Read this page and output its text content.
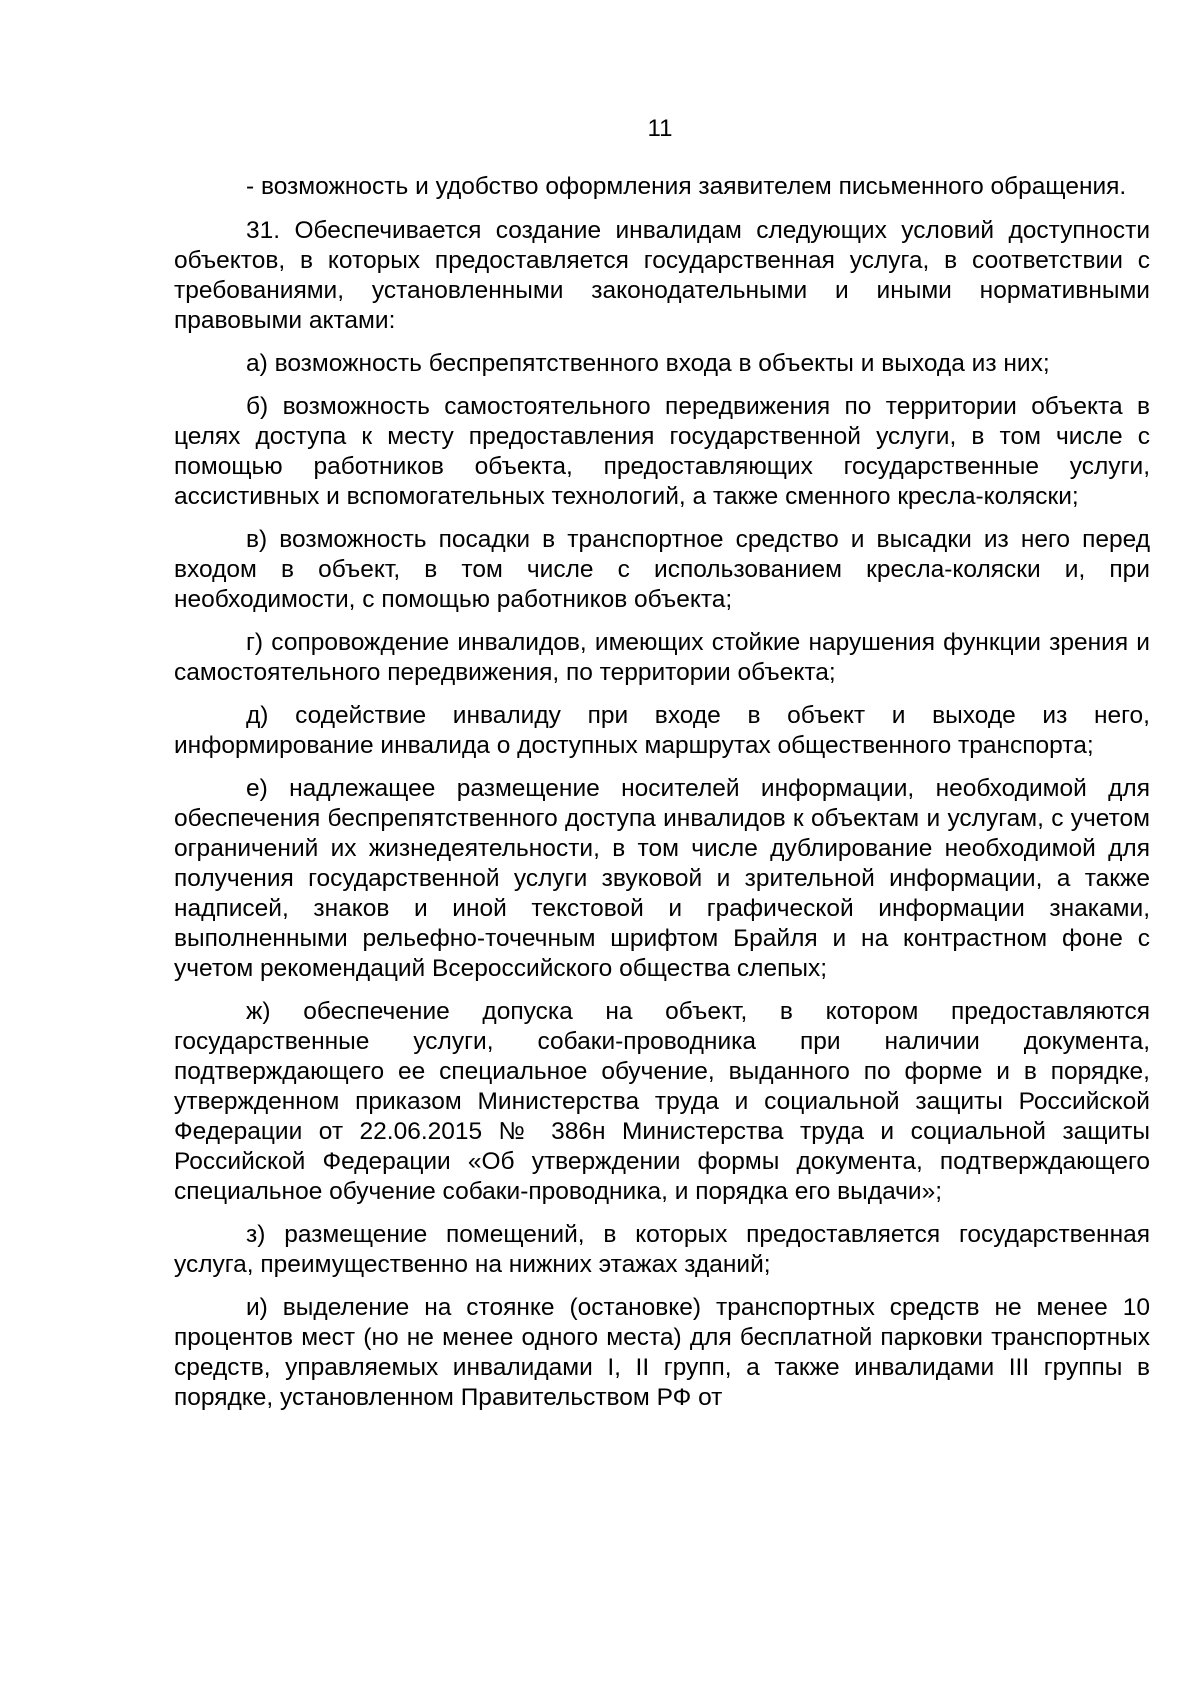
11

- возможность и удобство оформления заявителем письменного обращения.

31. Обеспечивается создание инвалидам следующих условий доступности объектов, в которых предоставляется государственная услуга, в соответствии с требованиями, установленными законодательными и иными нормативными правовыми актами:

а) возможность беспрепятственного входа в объекты и выхода из них;

б) возможность самостоятельного передвижения по территории объекта в целях доступа к месту предоставления государственной услуги, в том числе с помощью работников объекта, предоставляющих государственные услуги, ассистивных и вспомогательных технологий, а также сменного кресла-коляски;

в) возможность посадки в транспортное средство и высадки из него перед входом в объект, в том числе с использованием кресла-коляски и, при необходимости, с помощью работников объекта;

г) сопровождение инвалидов, имеющих стойкие нарушения функции зрения и самостоятельного передвижения, по территории объекта;

д) содействие инвалиду при входе в объект и выходе из него, информирование инвалида о доступных маршрутах общественного транспорта;

е) надлежащее размещение носителей информации, необходимой для обеспечения беспрепятственного доступа инвалидов к объектам и услугам, с учетом ограничений их жизнедеятельности, в том числе дублирование необходимой для получения государственной услуги звуковой и зрительной информации, а также надписей, знаков и иной текстовой и графической информации знаками, выполненными рельефно-точечным шрифтом Брайля и на контрастном фоне с учетом рекомендаций Всероссийского общества слепых;

ж) обеспечение допуска на объект, в котором предоставляются государственные услуги, собаки-проводника при наличии документа, подтверждающего ее специальное обучение, выданного по форме и в порядке, утвержденном приказом Министерства труда и социальной защиты Российской Федерации от 22.06.2015 № 386н Министерства труда и социальной защиты Российской Федерации «Об утверждении формы документа, подтверждающего специальное обучение собаки-проводника, и порядка его выдачи»;

з) размещение помещений, в которых предоставляется государственная услуга, преимущественно на нижних этажах зданий;

и) выделение на стоянке (остановке) транспортных средств не менее 10 процентов мест (но не менее одного места) для бесплатной парковки транспортных средств, управляемых инвалидами I, II групп, а также инвалидами III группы в порядке, установленном Правительством РФ от
